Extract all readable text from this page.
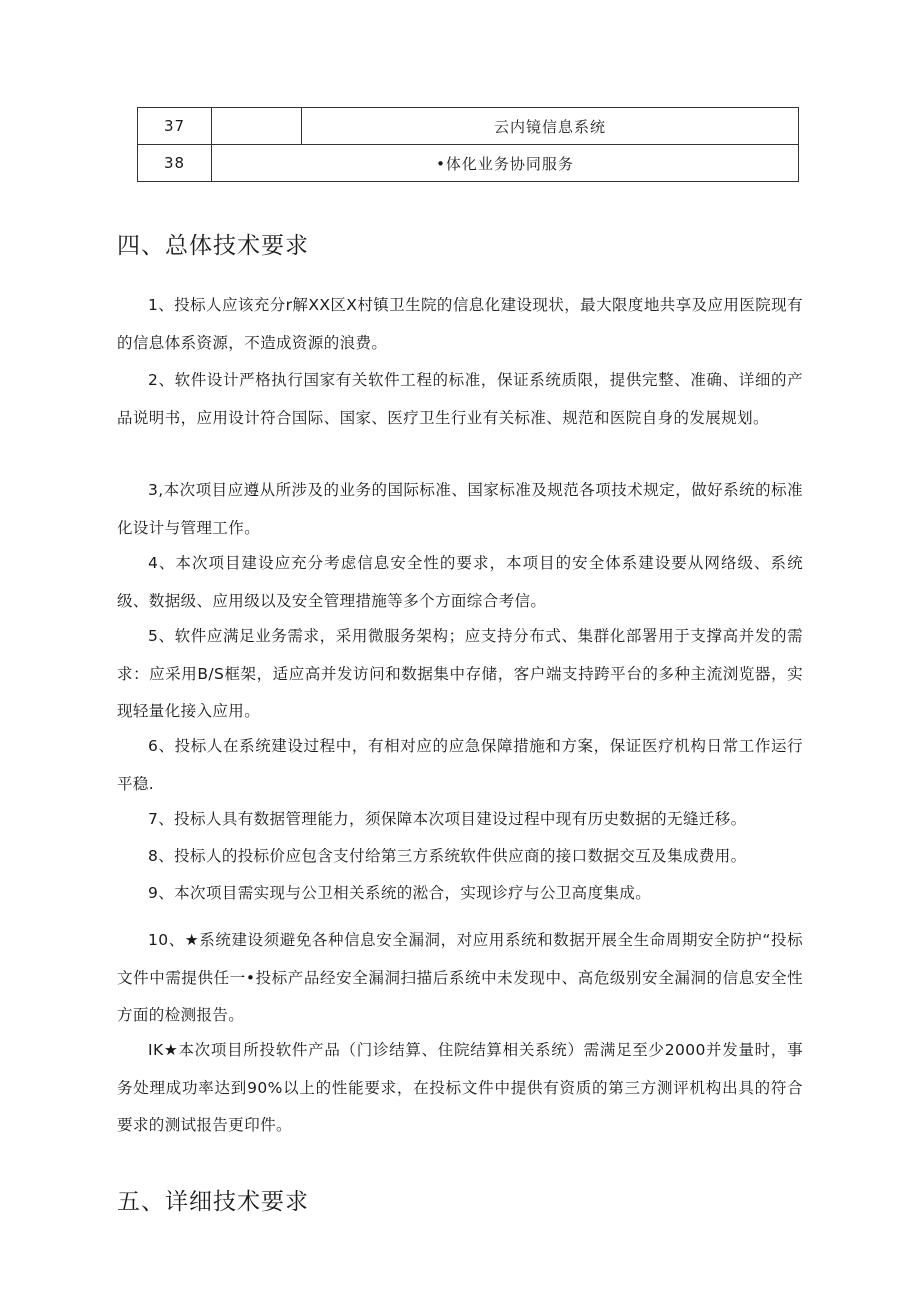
37		云内镜信息系统
38	•体化业务协同服务	
四、总体技术要求

1、投标人应该充分r解XX区X村镇卫生院的信息化建设现状，最大限度地共享及应用医院现有的信息体系资源，不造成资源的浪费。

2、软件设计严格执行国家有关软件工程的标准，保证系统质限，提供完整、准确、详细的产品说明书，应用设计符合国际、国家、医疗卫生行业有关标准、规范和医院自身的发展规划。

3,本次项目应遵从所涉及的业务的国际标准、国家标准及规范各项技术规定，做好系统的标准化设计与管理工作。

4、本次项目建设应充分考虑信息安全性的要求，本项目的安全体系建设要从网络级、系统级、数据级、应用级以及安全管理措施等多个方面综合考信。

5、软件应满足业务需求，采用微服务架构；应支持分布式、集群化部署用于支撑高并发的需求：应采用B/S框架，适应高并发访问和数据集中存储，客户端支持跨平台的多种主流浏览器，实现轻量化接入应用。

6、投标人在系统建设过程中，有相对应的应急保障措施和方案，保证医疗机构日常工作运行平稳.

7、投标人具有数据管理能力，须保障本次项目建设过程中现有历史数据的无缝迁移。

8、投标人的投标价应包含支付给第三方系统软件供应商的接口数据交互及集成费用。

9、本次项目需实现与公卫相关系统的淞合，实现诊疗与公卫高度集成。

10、★系统建设须避免各种信息安全漏洞，对应用系统和数据开展全生命周期安全防护“投标文件中需提供任一•投标产品经安全漏洞扫描后系统中未发现中、高危级别安全漏洞的信息安全性方面的检测报告。

IK★本次项目所投软件产品（门诊结算、住院结算相关系统）需满足至少2000并发量时，事务处理成功率达到90%以上的性能要求，在投标文件中提供有资质的第三方测评机构出具的符合要求的测试报告更印件。

五、详细技术要求
